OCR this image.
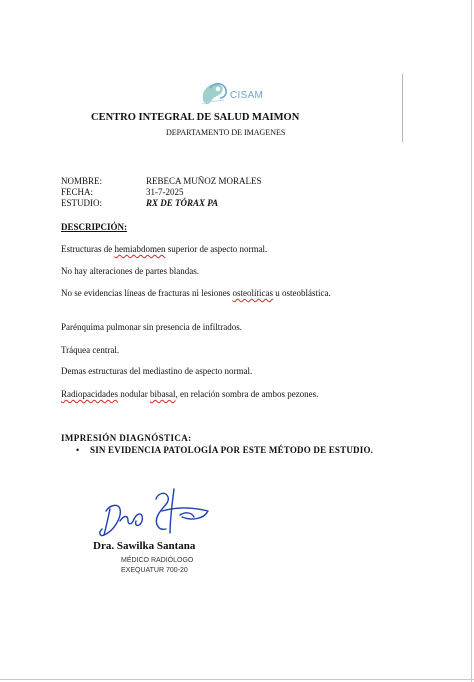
CISAM
CENTRO INTEGRAL DE SALUD MAIMON
DEPARTAMENTO DE IMAGENES
NOMBRE:	REBECA MUÑOZ MORALES
FECHA:	31-7-2025
ESTUDIO:	RX DE TÓRAX PA
DESCRIPCIÓN:
Estructuras de hemiabdomen superior de aspecto normal.
No hay alteraciones de partes blandas.
No se evidencias líneas de fracturas ni lesiones osteolíticas u osteoblástica.
Parénquima pulmonar sin presencia de infiltrados.
Tráquea central.
Demas estructuras del mediastino de aspecto normal.
Radiopacidades nodular bibasal, en relación sombra de ambos pezones.
IMPRESIÓN DIAGNÓSTICA:
• SIN EVIDENCIA PATOLOGÍA POR ESTE MÉTODO DE ESTUDIO.
Dra. Sawilka Santana
MÉDICO RADIÓLOGO
EXEQUATUR 700-20
